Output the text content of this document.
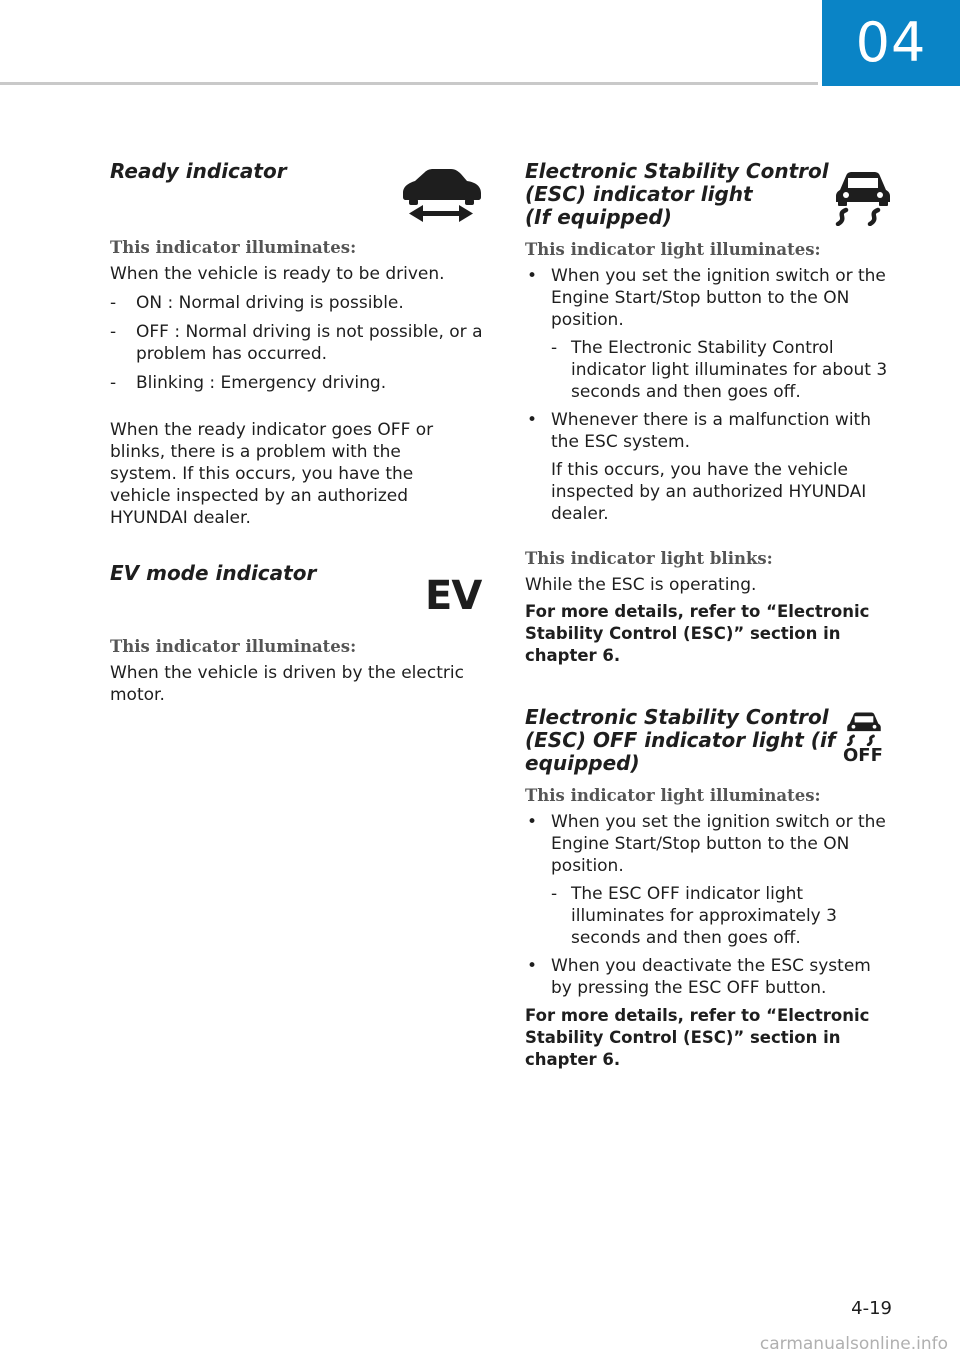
04
Ready indicator

This indicator illuminates:

When the vehicle is ready to be driven.

- ON : Normal driving is possible.

- OFF : Normal driving is not possible, or a problem has occurred.

- Blinking : Emergency driving.

When the ready indicator goes OFF or blinks, there is a problem with the system. If this occurs, you have the vehicle inspected by an authorized HYUNDAI dealer.

EV mode indicator	EV

This indicator illuminates:

When the vehicle is driven by the electric motor.

Electronic Stability Control
(ESC) indicator light
(If equipped)

This indicator light illuminates:

• When you set the ignition switch or the Engine Start/Stop button to the ON position.

- The Electronic Stability Control indicator light illuminates for about 3 seconds and then goes off.

• Whenever there is a malfunction with the ESC system.

If this occurs, you have the vehicle inspected by an authorized HYUNDAI dealer.

This indicator light blinks:

While the ESC is operating.

For more details, refer to “Electronic Stability Control (ESC)” section in chapter 6.

Electronic Stability Control
(ESC) OFF indicator light (if
equipped)	OFF

This indicator light illuminates:

• When you set the ignition switch or the Engine Start/Stop button to the ON position.

- The ESC OFF indicator light illuminates for approximately 3 seconds and then goes off.

• When you deactivate the ESC system by pressing the ESC OFF button.

For more details, refer to “Electronic Stability Control (ESC)” section in chapter 6.

4-19
carmanualsonline.info
